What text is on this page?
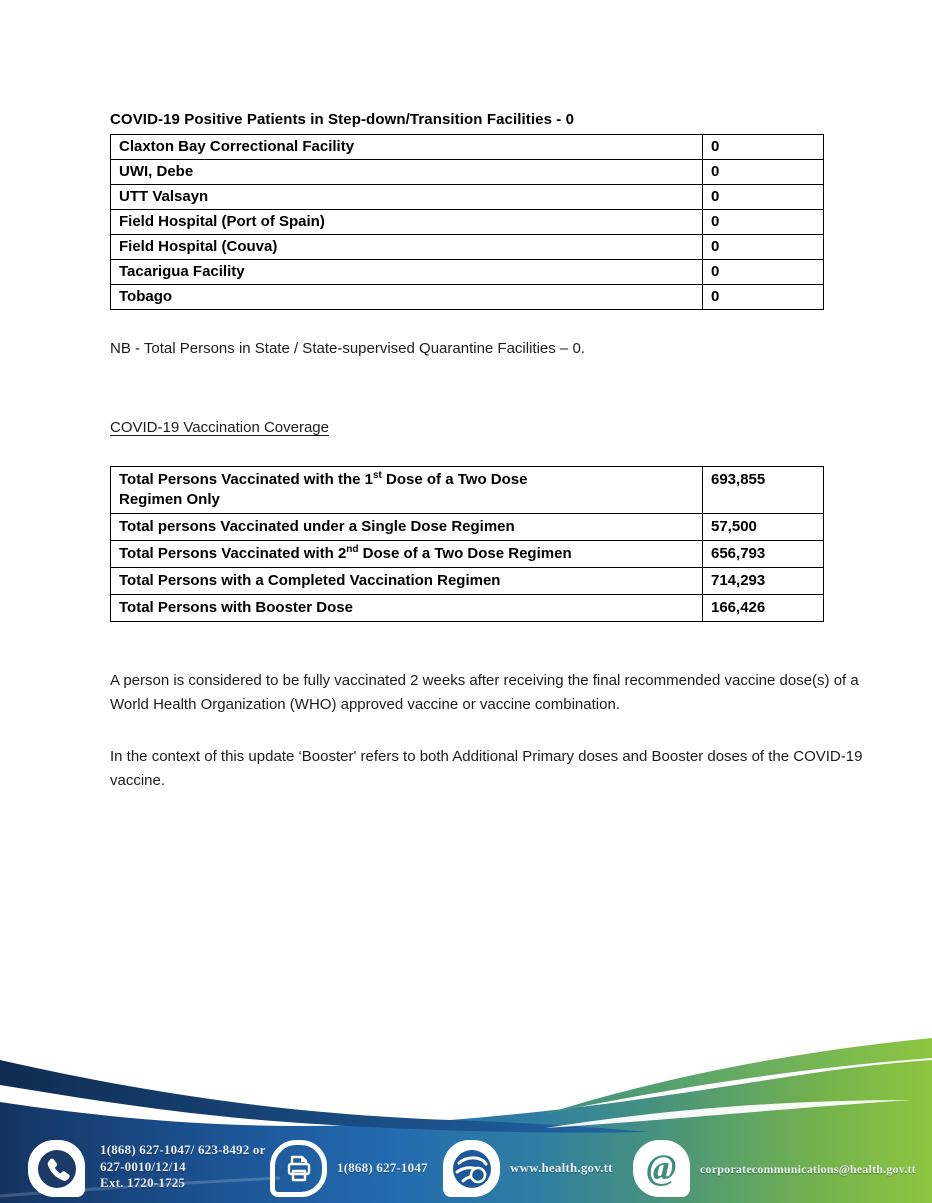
COVID-19 Positive Patients in Step-down/Transition Facilities - 0
Claxton Bay Correctional Facility	0
UWI, Debe	0
UTT Valsayn	0
Field Hospital (Port of Spain)	0
Field Hospital (Couva)	0
Tacarigua Facility	0
Tobago	0
NB - Total Persons in State / State-supervised Quarantine Facilities – 0.
COVID-19 Vaccination Coverage
Total Persons Vaccinated with the 1st Dose of a Two Dose
Regimen Only	693,855
Total persons Vaccinated under a Single Dose Regimen	57,500
Total Persons Vaccinated with 2nd Dose of a Two Dose Regimen	656,793
Total Persons with a Completed Vaccination Regimen	714,293
Total Persons with Booster Dose	166,426

A person is considered to be fully vaccinated 2 weeks after receiving the final recommended vaccine dose(s) of a World Health Organization (WHO) approved vaccine or vaccine combination.

In the context of this update ‘Booster' refers to both Additional Primary doses and Booster doses of the COVID-19 vaccine.

1(868) 627-1047/ 623-8492 or
627-0010/12/14
Ext. 1720-1725
1(868) 627-1047	www.health.gov.tt @ corporatecommunications@health.gov.tt
